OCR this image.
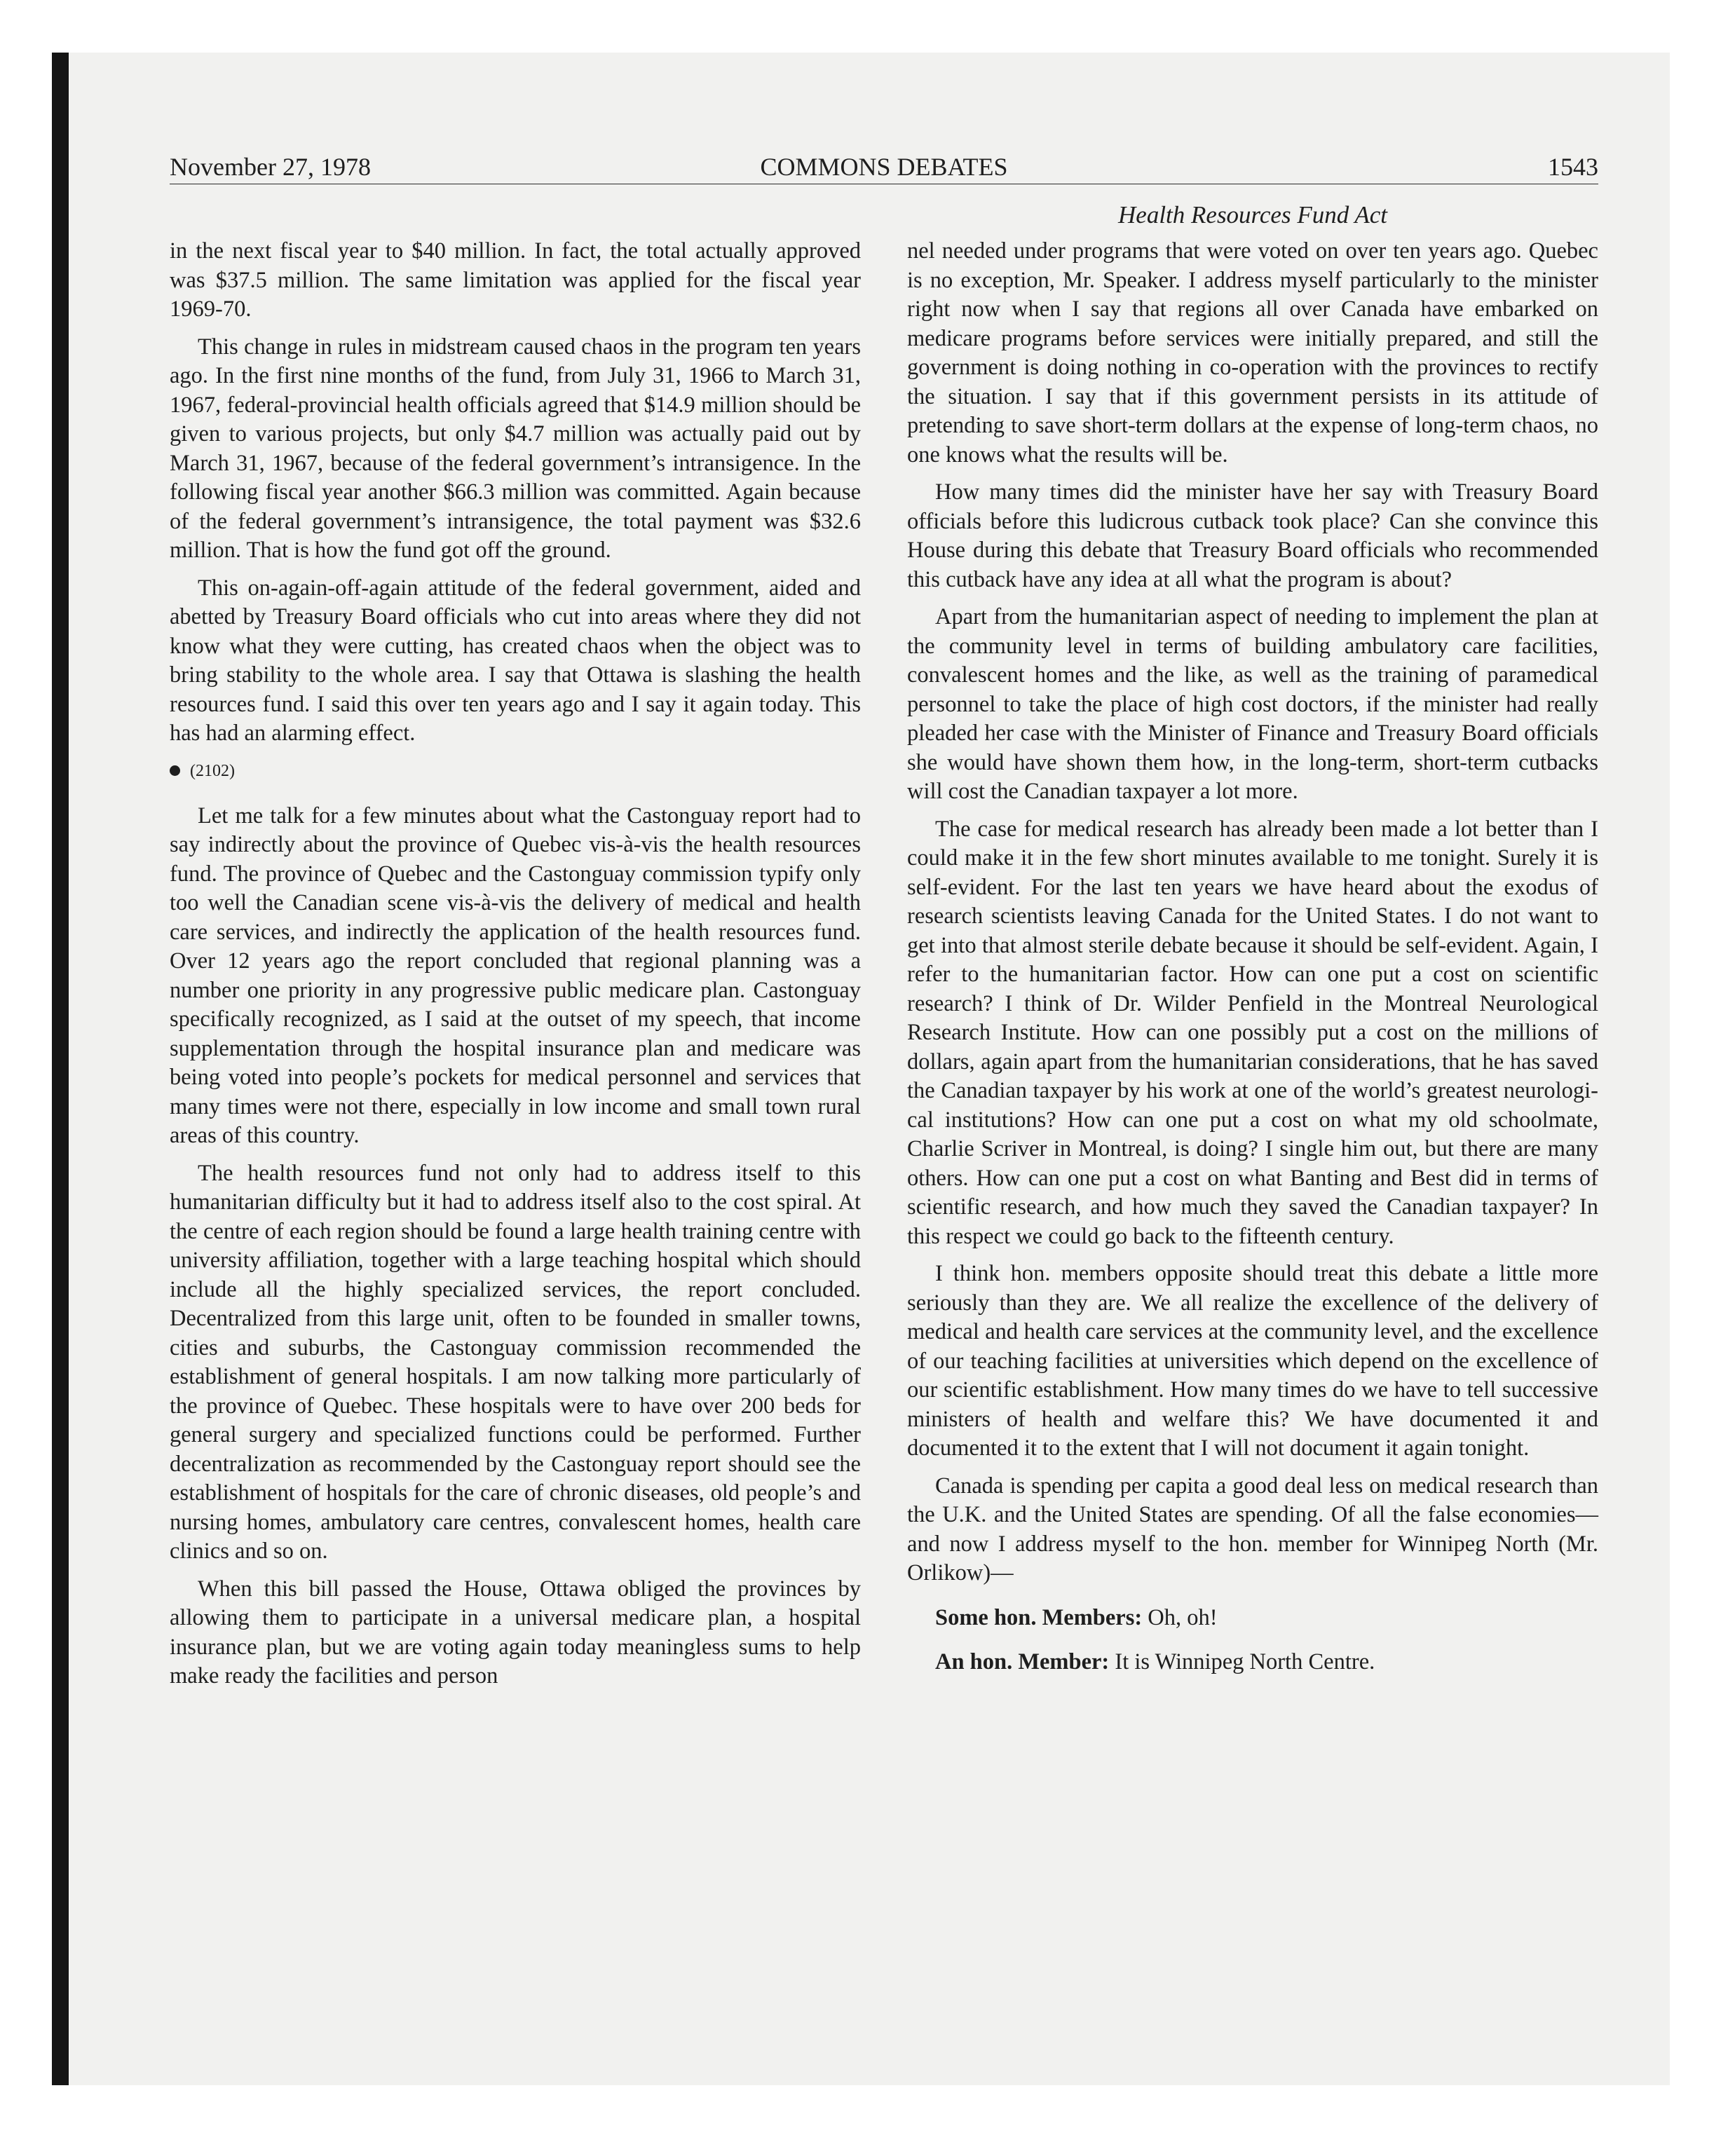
November 27, 1978	COMMONS DEBATES	1543
Health Resources Fund Act

in the next fiscal year to $40 million. In fact, the total actually approved was $37.5 million. The same limitation was applied for the fiscal year 1969-70.

This change in rules in midstream caused chaos in the program ten years ago. In the first nine months of the fund, from July 31, 1966 to March 31, 1967, federal-provincial health officials agreed that $14.9 million should be given to various projects, but only $4.7 million was actually paid out by March 31, 1967, because of the federal government’s intransigence. In the following fiscal year another $66.3 million was committed. Again because of the federal government’s intransigence, the total payment was $32.6 million. That is how the fund got off the ground.

This on-again-off-again attitude of the federal government, aided and abetted by Treasury Board officials who cut into areas where they did not know what they were cutting, has created chaos when the object was to bring stability to the whole area. I say that Ottawa is slashing the health resources fund. I said this over ten years ago and I say it again today. This has had an alarming effect.

(2102)

Let me talk for a few minutes about what the Castonguay report had to say indirectly about the province of Quebec vis-à-vis the health resources fund. The province of Quebec and the Castonguay commission typify only too well the Canadian scene vis-à-vis the delivery of medical and health care services, and indirectly the application of the health resources fund. Over 12 years ago the report concluded that regional planning was a number one priority in any progressive public medicare plan. Castonguay specifically recognized, as I said at the outset of my speech, that income supplementation through the hospital insurance plan and medicare was being voted into people’s pockets for medical personnel and services that many times were not there, especially in low income and small town rural areas of this country.

The health resources fund not only had to address itself to this humanitarian difficulty but it had to address itself also to the cost spiral. At the centre of each region should be found a large health training centre with university affiliation, together with a large teaching hospital which should include all the highly specialized services, the report concluded. Decentralized from this large unit, often to be founded in smaller towns, cities and suburbs, the Castonguay commission recommended the establishment of general hospitals. I am now talking more particularly of the province of Quebec. These hospitals were to have over 200 beds for general surgery and specialized functions could be performed. Further decentralization as recommended by the Castonguay report should see the establishment of hospitals for the care of chronic diseases, old people’s and nursing homes, ambulatory care centres, convalescent homes, health care clinics and so on.

When this bill passed the House, Ottawa obliged the provinces by allowing them to participate in a universal medicare plan, a hospital insurance plan, but we are voting again today meaningless sums to help make ready the facilities and person

nel needed under programs that were voted on over ten years ago. Quebec is no exception, Mr. Speaker. I address myself particularly to the minister right now when I say that regions all over Canada have embarked on medicare programs before services were initially prepared, and still the government is doing nothing in co-operation with the provinces to rectify the situation. I say that if this government persists in its attitude of pretending to save short-term dollars at the expense of long-term chaos, no one knows what the results will be.

How many times did the minister have her say with Treasury Board officials before this ludicrous cutback took place? Can she convince this House during this debate that Treasury Board officials who recommended this cutback have any idea at all what the program is about?

Apart from the humanitarian aspect of needing to implement the plan at the community level in terms of building ambulatory care facilities, convalescent homes and the like, as well as the training of paramedical personnel to take the place of high cost doctors, if the minister had really pleaded her case with the Minister of Finance and Treasury Board officials she would have shown them how, in the long-term, short-term cutbacks will cost the Canadian taxpayer a lot more.

The case for medical research has already been made a lot better than I could make it in the few short minutes available to me tonight. Surely it is self-evident. For the last ten years we have heard about the exodus of research scientists leaving Canada for the United States. I do not want to get into that almost sterile debate because it should be self-evident. Again, I refer to the humanitarian factor. How can one put a cost on scientific research? I think of Dr. Wilder Penfield in the Montreal Neurological Research Institute. How can one possibly put a cost on the millions of dollars, again apart from the humanitarian considerations, that he has saved the Canadian taxpayer by his work at one of the world’s greatest neurological institutions? How can one put a cost on what my old schoolmate, Charlie Scriver in Montreal, is doing? I single him out, but there are many others. How can one put a cost on what Banting and Best did in terms of scientific research, and how much they saved the Canadian taxpayer? In this respect we could go back to the fifteenth century.

I think hon. members opposite should treat this debate a little more seriously than they are. We all realize the excellence of the delivery of medical and health care services at the community level, and the excellence of our teaching facilities at universities which depend on the excellence of our scientific establishment. How many times do we have to tell successive ministers of health and welfare this? We have documented it and documented it to the extent that I will not document it again tonight.

Canada is spending per capita a good deal less on medical research than the U.K. and the United States are spending. Of all the false economies—and now I address myself to the hon. member for Winnipeg North (Mr. Orlikow)—

Some hon. Members: Oh, oh!

An hon. Member: It is Winnipeg North Centre.
